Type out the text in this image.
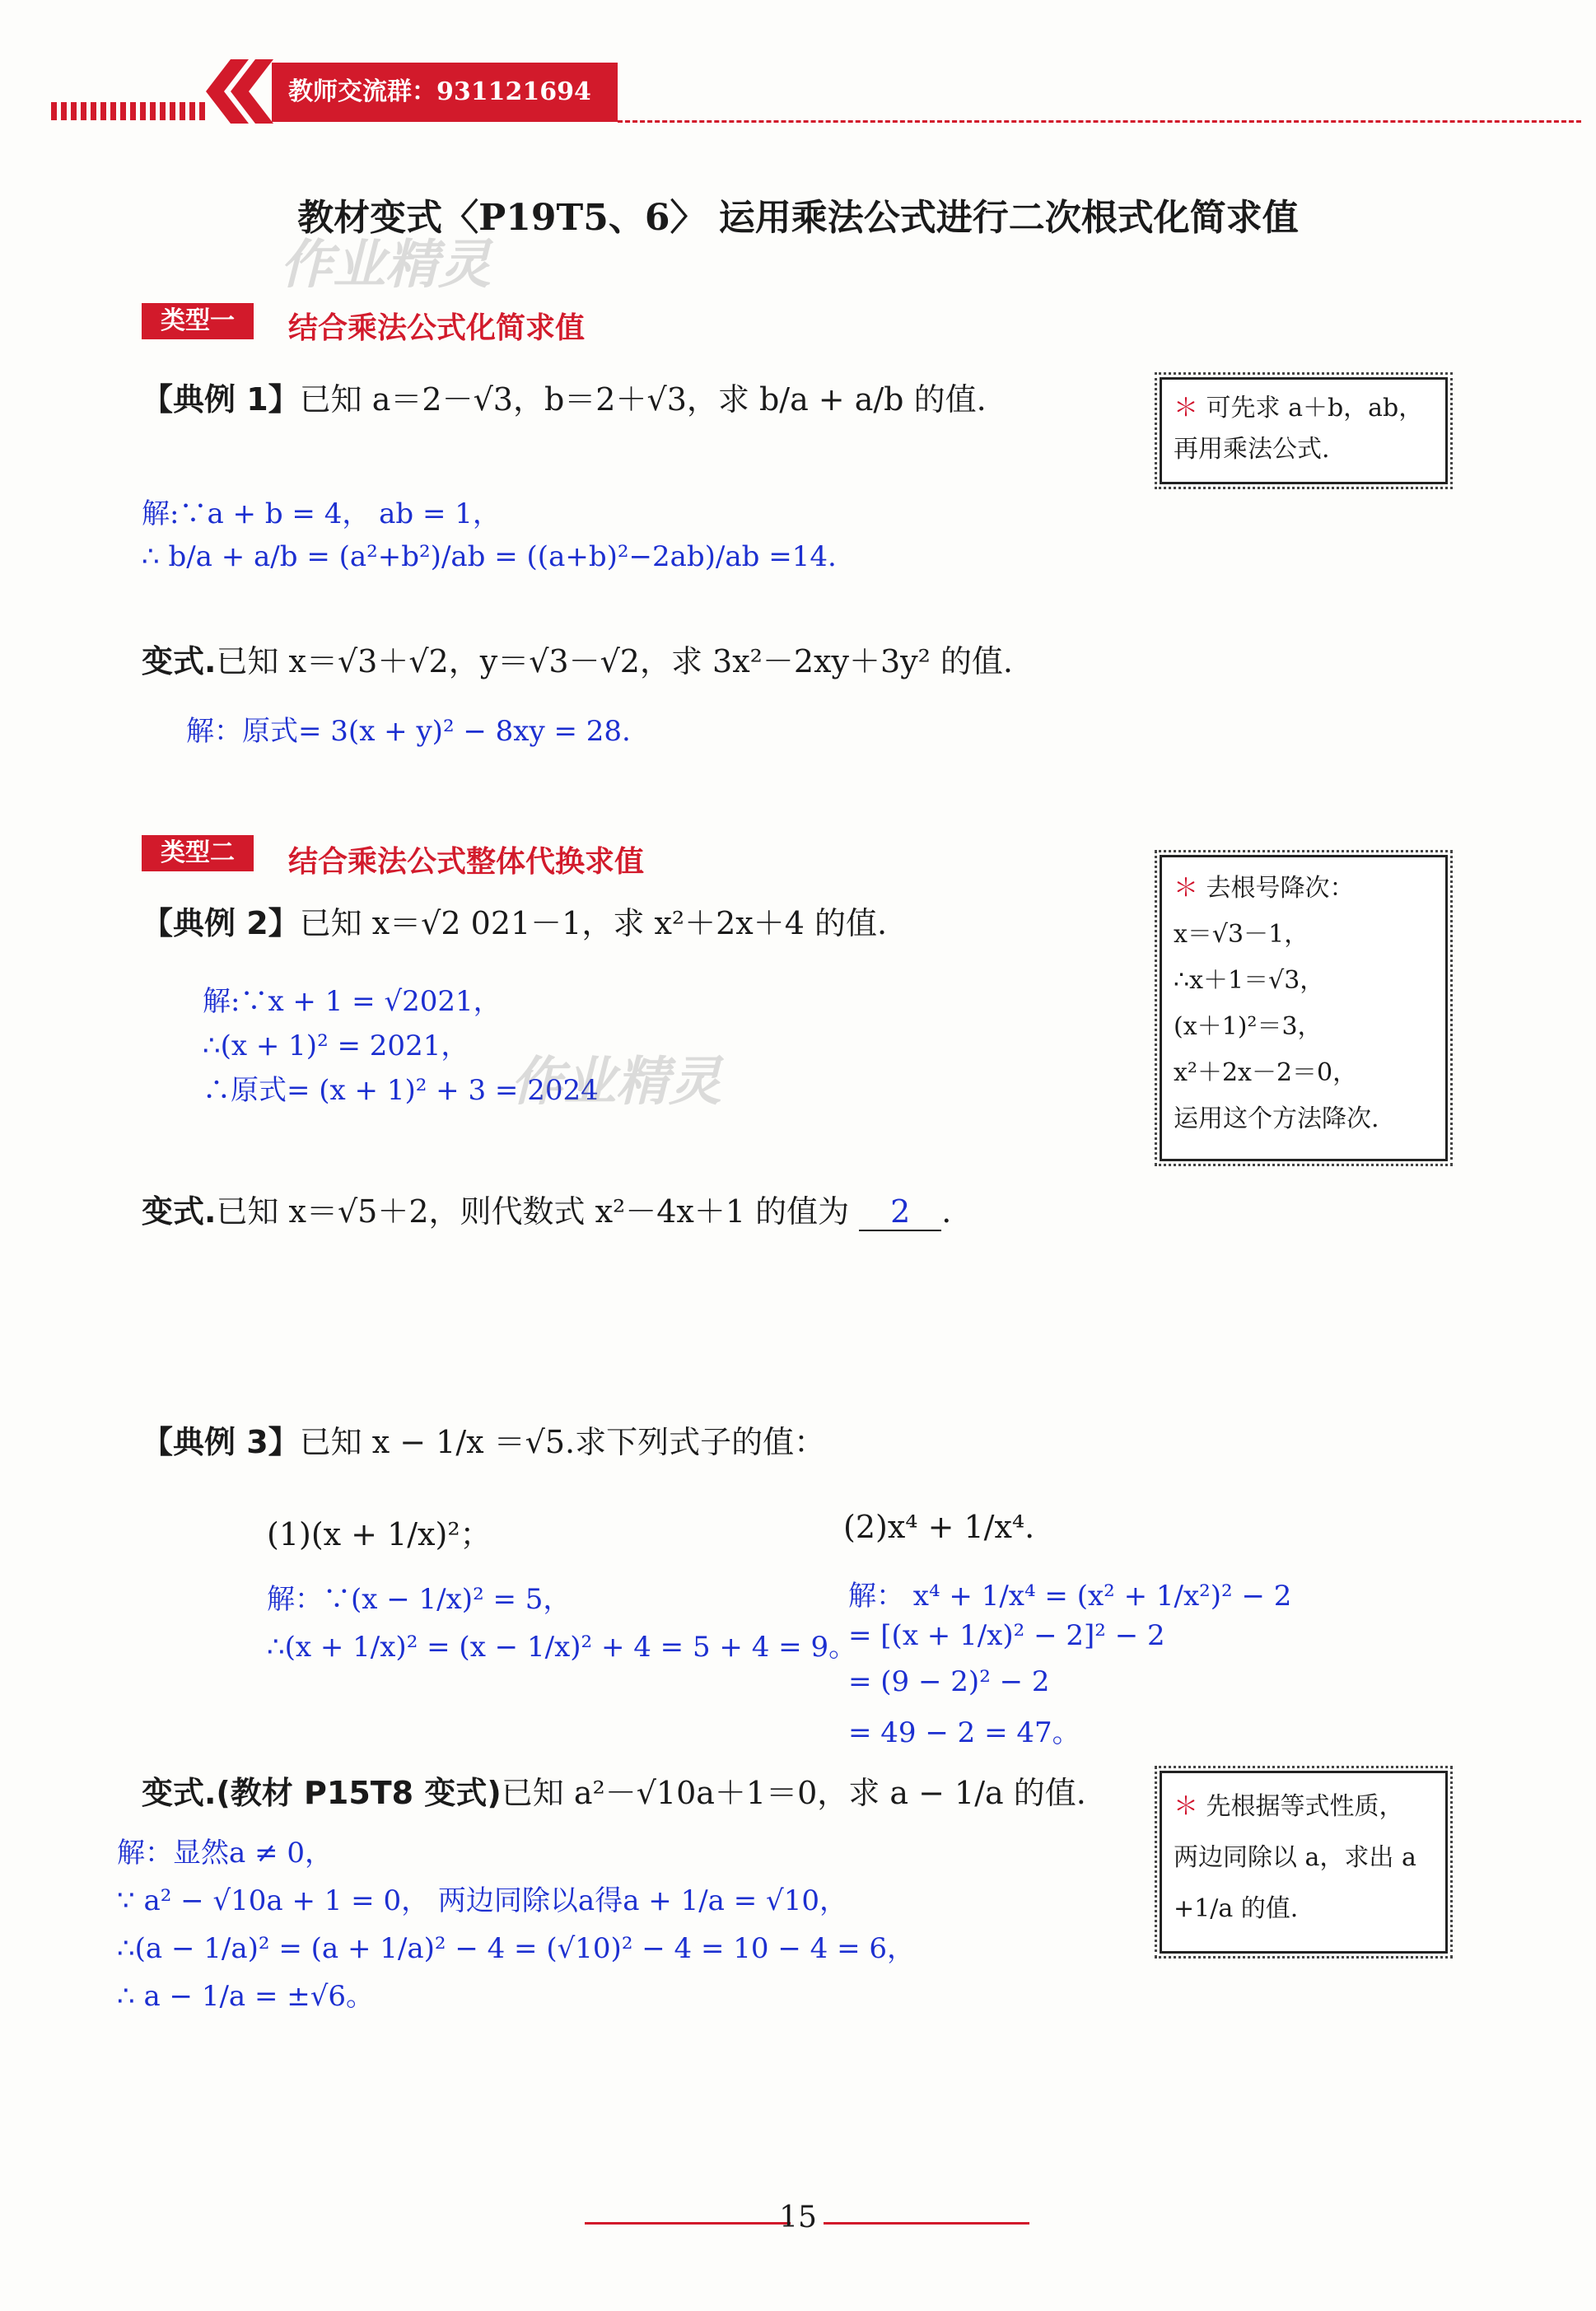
教师交流群：931121694
教材变式〈P19T5、6〉 运用乘法公式进行二次根式化简求值
作业精灵
类型一	结合乘法公式化简求值
【典例 1】已知 a＝2－√3，b＝2＋√3，求 b/a + a/b 的值.
解:∵a + b = 4， ab = 1，
∴ b/a + a/b = (a²+b²)/ab = ((a+b)²−2ab)/ab =14.
＊ 可先求 a＋b，ab，
再用乘法公式.
变式.已知 x＝√3＋√2，y＝√3－√2，求 3x²－2xy＋3y² 的值.
解：原式= 3(x + y)² − 8xy = 28.
类型二	结合乘法公式整体代换求值
【典例 2】已知 x＝√2 021－1，求 x²＋2x＋4 的值.
解:∵x + 1 = √2021，
∴(x + 1)² = 2021，
∴原式= (x + 1)² + 3 = 2024
作业精灵
＊ 去根号降次：
x＝√3－1，
∴x＋1＝√3，
(x＋1)²＝3，
x²＋2x－2＝0，
运用这个方法降次.
变式.已知 x＝√5＋2，则代数式 x²－4x＋1 的值为 2 .
【典例 3】已知 x − 1/x ＝√5.求下列式子的值：
(1)(x + 1/x)²；	(2)x⁴ + 1/x⁴.
解：∵(x − 1/x)² = 5，
∴(x + 1/x)² = (x − 1/x)² + 4 = 5 + 4 = 9。
解： x⁴ + 1/x⁴ = (x² + 1/x²)² − 2
= [(x + 1/x)² − 2]² − 2
= (9 − 2)² − 2
= 49 − 2 = 47。
变式.(教材 P15T8 变式)已知 a²－√10a＋1＝0，求 a − 1/a 的值.
解：显然a ≠ 0，
∵ a² − √10a + 1 = 0， 两边同除以a得a + 1/a = √10，
∴(a − 1/a)² = (a + 1/a)² − 4 = (√10)² − 4 = 10 − 4 = 6，
∴ a − 1/a = ±√6。
＊ 先根据等式性质，
两边同除以 a，求出 a
+1/a 的值.
15
